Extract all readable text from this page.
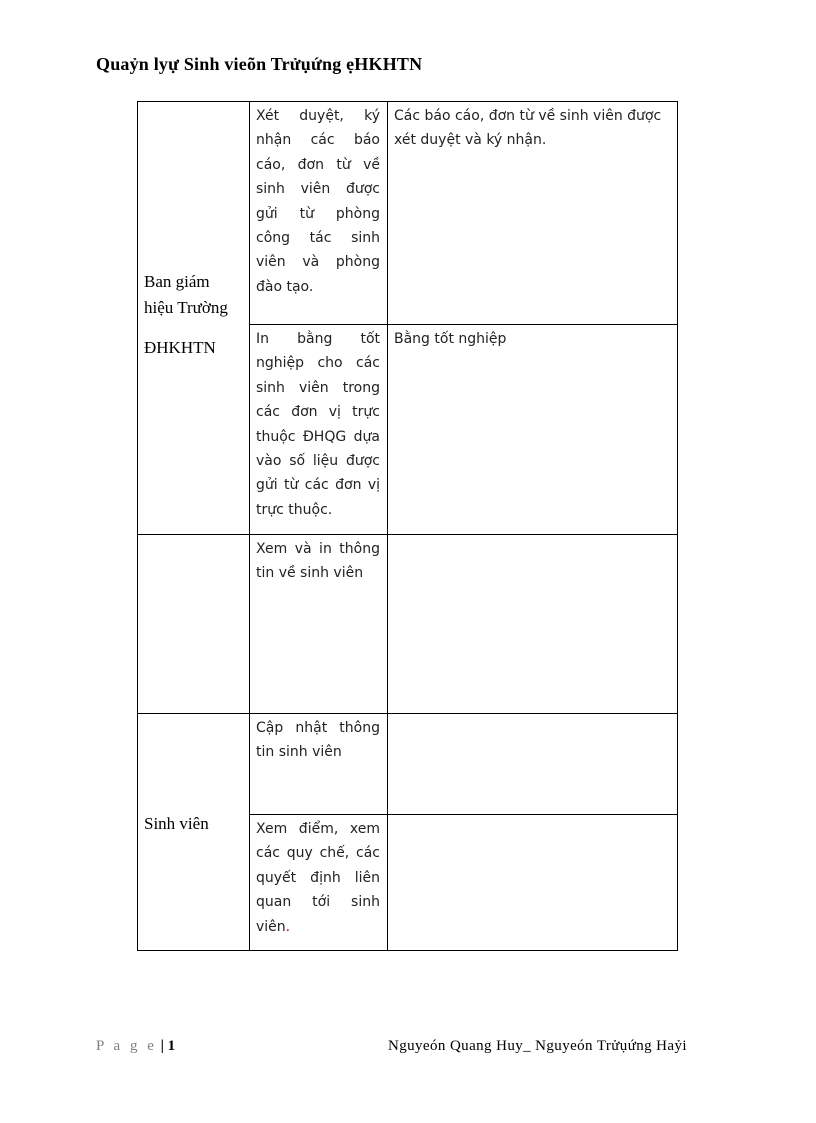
Quaỷn lyự Sinh vieõn Trửụứng ẹHKHTN
Ban giám
hiệu Trường
ĐHKHTN	Xét duyệt, ký nhận các báo cáo, đơn từ về sinh viên được gửi từ phòng công tác sinh viên và phòng đào tạo.	Các báo cáo, đơn từ về sinh viên được xét duyệt và ký nhận.

	In bằng tốt nghiệp cho các sinh viên trong các đơn vị trực thuộc ĐHQG dựa vào số liệu được gửi từ các đơn vị trực thuộc.	Bằng tốt nghiệp

	Xem và in thông tin về sinh viên	

Sinh viên	Cập nhật thông tin sinh viên	

	Xem điểm, xem các quy chế, các quyết định liên quan tới sinh viên.	

P a g e | 1	Nguyeón Quang Huy_ Nguyeón Trửụứng Haỷi
